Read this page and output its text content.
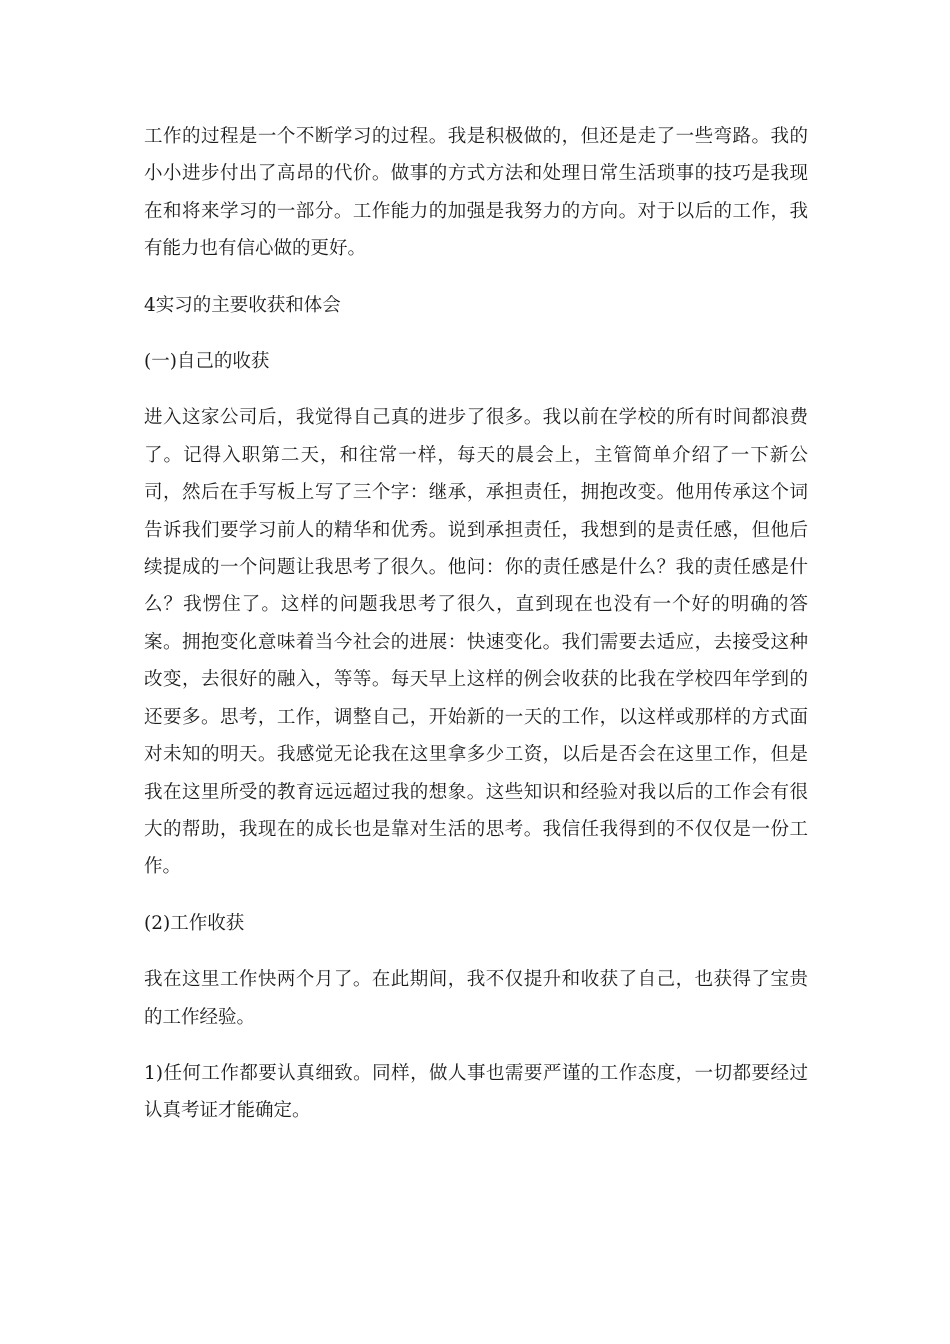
工作的过程是一个不断学习的过程。我是积极做的，但还是走了一些弯路。我的小小进步付出了高昂的代价。做事的方式方法和处理日常生活琐事的技巧是我现在和将来学习的一部分。工作能力的加强是我努力的方向。对于以后的工作，我有能力也有信心做的更好。

4实习的主要收获和体会

(一)自己的收获

进入这家公司后，我觉得自己真的进步了很多。我以前在学校的所有时间都浪费了。记得入职第二天，和往常一样，每天的晨会上，主管简单介绍了一下新公司，然后在手写板上写了三个字：继承，承担责任，拥抱改变。他用传承这个词告诉我们要学习前人的精华和优秀。说到承担责任，我想到的是责任感，但他后续提成的一个问题让我思考了很久。他问：你的责任感是什么？我的责任感是什么？我愣住了。这样的问题我思考了很久，直到现在也没有一个好的明确的答案。拥抱变化意味着当今社会的进展：快速变化。我们需要去适应，去接受这种改变，去很好的融入，等等。每天早上这样的例会收获的比我在学校四年学到的还要多。思考，工作，调整自己，开始新的一天的工作，以这样或那样的方式面对未知的明天。我感觉无论我在这里拿多少工资，以后是否会在这里工作，但是我在这里所受的教育远远超过我的想象。这些知识和经验对我以后的工作会有很大的帮助，我现在的成长也是靠对生活的思考。我信任我得到的不仅仅是一份工作。

(2)工作收获

我在这里工作快两个月了。在此期间，我不仅提升和收获了自己，也获得了宝贵的工作经验。

1)任何工作都要认真细致。同样，做人事也需要严谨的工作态度，一切都要经过认真考证才能确定。
